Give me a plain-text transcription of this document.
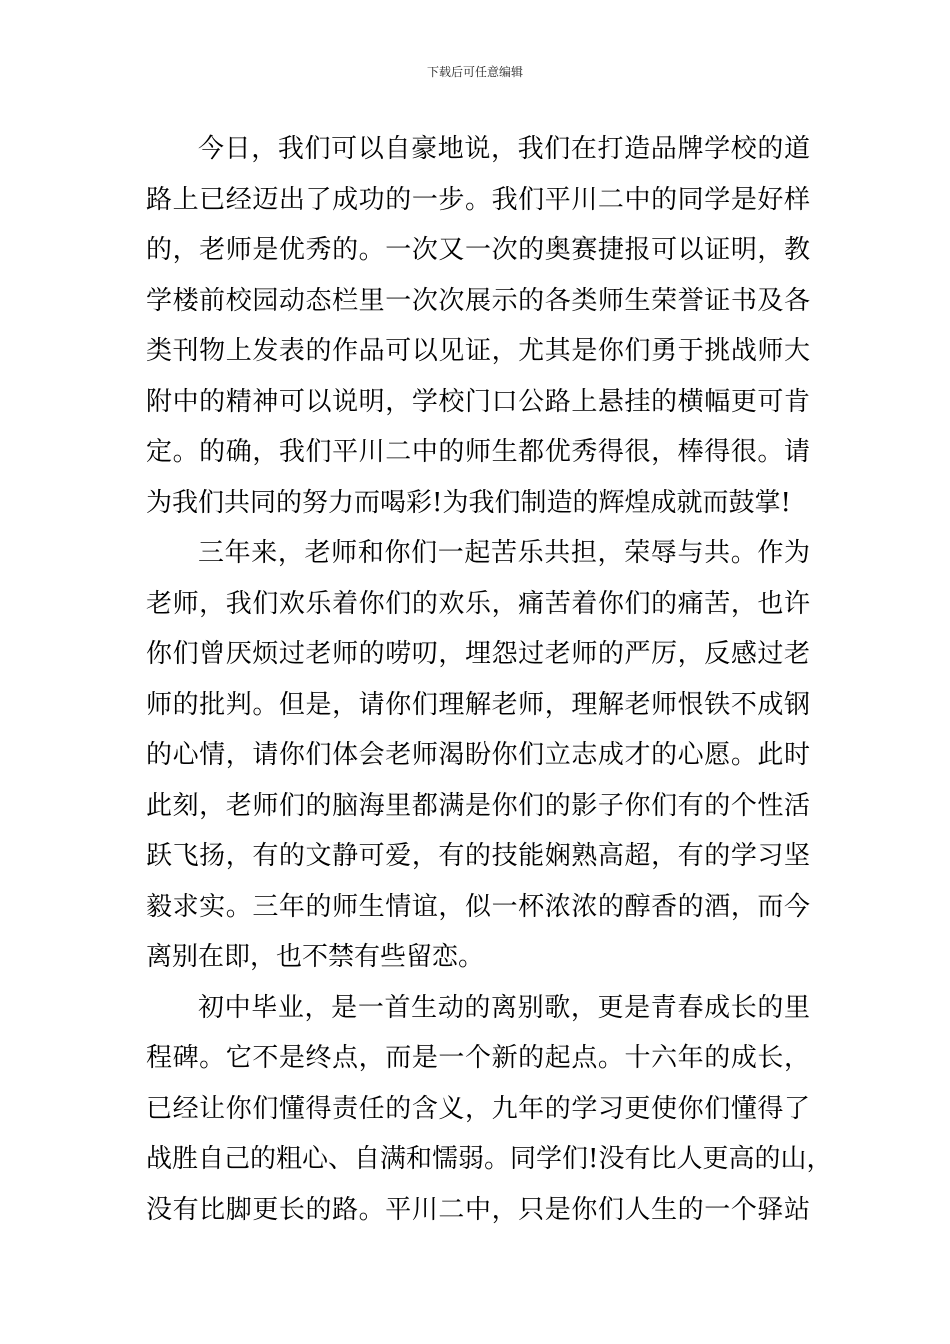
下载后可任意编辑
今日，我们可以自豪地说，我们在打造品牌学校的道
路上已经迈出了成功的一步。我们平川二中的同学是好样
的，老师是优秀的。一次又一次的奥赛捷报可以证明，教
学楼前校园动态栏里一次次展示的各类师生荣誉证书及各
类刊物上发表的作品可以见证，尤其是你们勇于挑战师大
附中的精神可以说明，学校门口公路上悬挂的横幅更可肯
定。的确，我们平川二中的师生都优秀得很，棒得很。请
为我们共同的努力而喝彩!为我们制造的辉煌成就而鼓掌!
三年来，老师和你们一起苦乐共担，荣辱与共。作为
老师，我们欢乐着你们的欢乐，痛苦着你们的痛苦，也许
你们曾厌烦过老师的唠叨，埋怨过老师的严厉，反感过老
师的批判。但是，请你们理解老师，理解老师恨铁不成钢
的心情，请你们体会老师渴盼你们立志成才的心愿。此时
此刻，老师们的脑海里都满是你们的影子你们有的个性活
跃飞扬，有的文静可爱，有的技能娴熟高超，有的学习坚
毅求实。三年的师生情谊，似一杯浓浓的醇香的酒，而今
离别在即，也不禁有些留恋。
初中毕业，是一首生动的离别歌，更是青春成长的里
程碑。它不是终点，而是一个新的起点。十六年的成长，
已经让你们懂得责任的含义，九年的学习更使你们懂得了
战胜自己的粗心、自满和懦弱。同学们!没有比人更高的山，
没有比脚更长的路。平川二中，只是你们人生的一个驿站
